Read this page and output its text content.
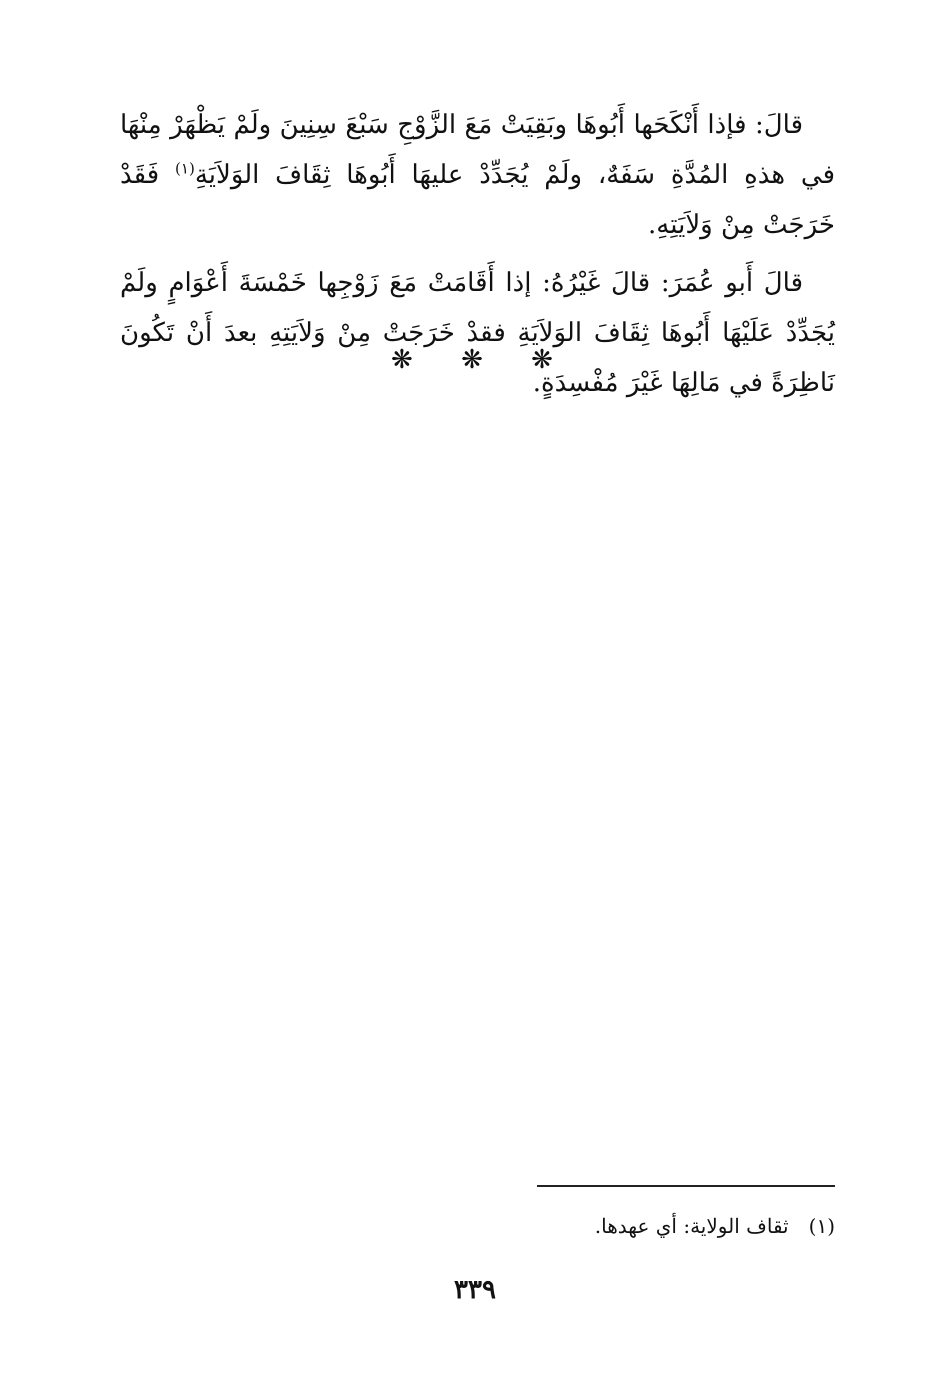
قالَ: فإذا أَنْكَحَها أَبُوهَا وبَقِيَتْ مَعَ الزَّوْجِ سَبْعَ سِنِينَ ولَمْ يَظْهَرْ مِنْهَا في هذهِ المُدَّةِ سَفَهٌ، ولَمْ يُجَدِّدْ عليهَا أَبُوهَا ثِقَافَ الوَلاَيَةِ$^{(١)}$ فَقَدْ خَرَجَتْ مِنْ وَلاَيَتِهِ.

قالَ أَبو عُمَرَ: قالَ غَيْرُهُ: إذا أَقَامَتْ مَعَ زَوْجِها خَمْسَةَ أَعْوَامٍ ولَمْ يُجَدِّدْ عَلَيْهَا أَبُوهَا ثِقَافَ الوَلاَيَةِ فقدْ خَرَجَتْ مِنْ وَلاَيَتِهِ بعدَ أَنْ تَكُونَ نَاظِرَةً في مَالِهَا غَيْرَ مُفْسِدَةٍ.

❋ ❋ ❋
(١)ثقاف الولاية: أي عهدها.
٣٣٩
